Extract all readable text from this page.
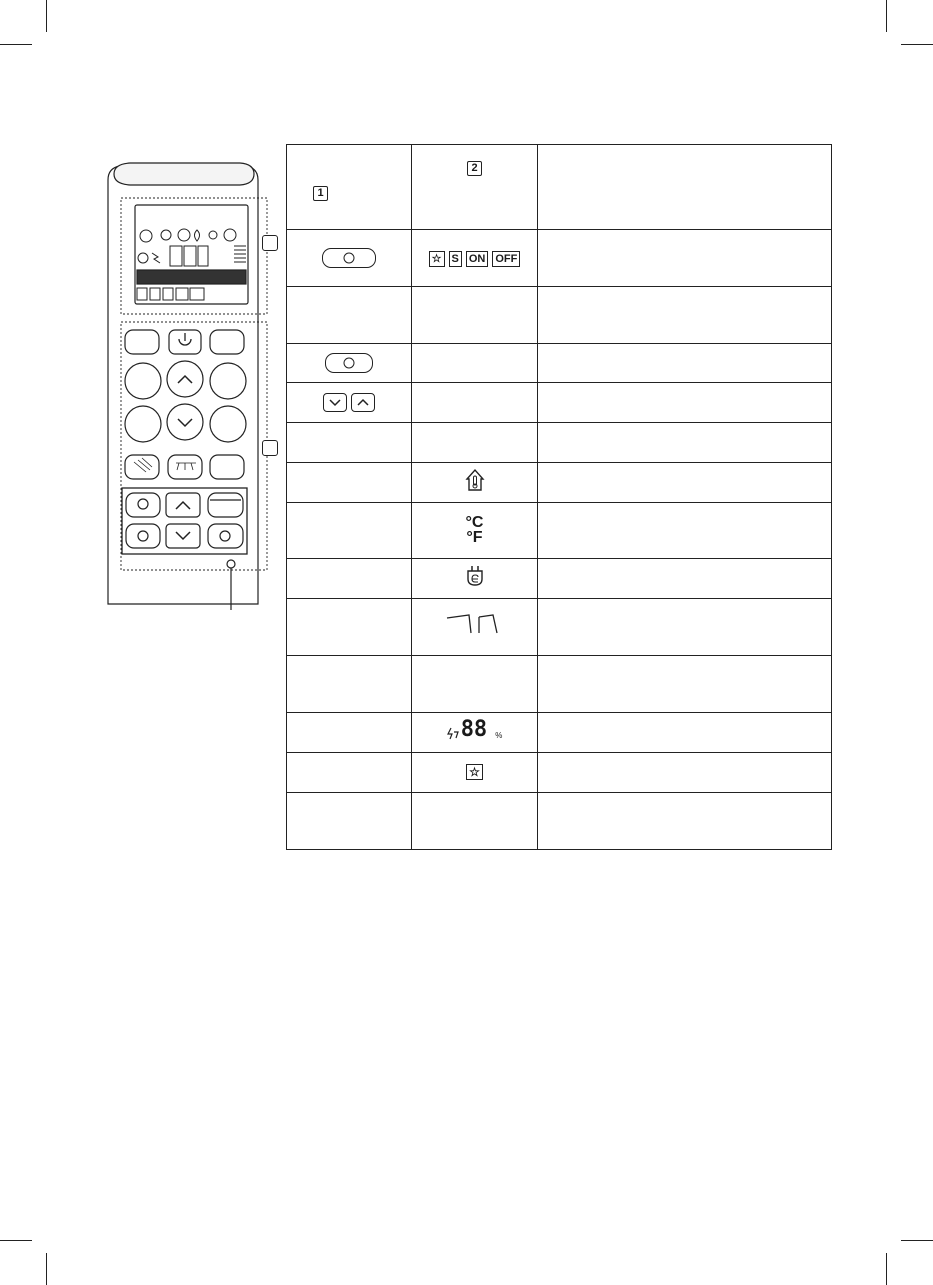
1	2	

	☆ S ON OFF	

	°C
°F	

	88 %	

	☆	
